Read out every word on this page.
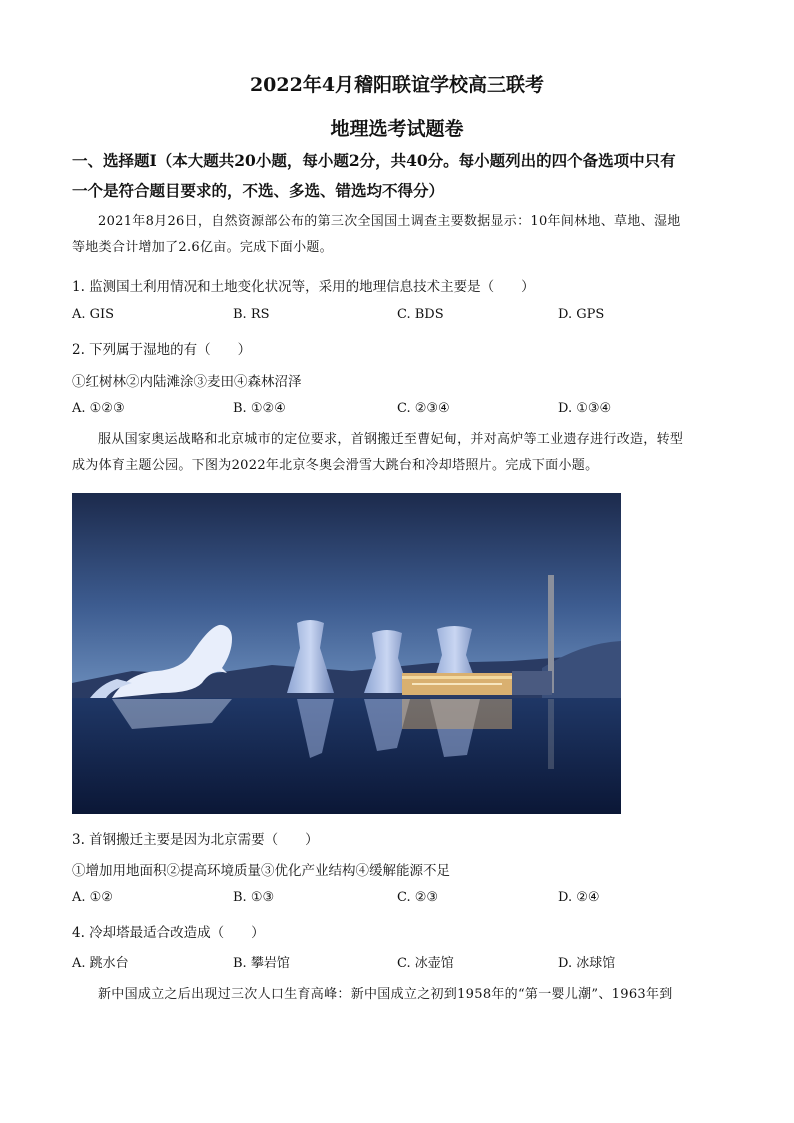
2022年4月稽阳联谊学校高三联考
地理选考试题卷
一、选择题Ⅰ（本大题共20小题，每小题2分，共40分。每小题列出的四个备选项中只有
一个是符合题目要求的，不选、多选、错选均不得分）
2021年8月26日，自然资源部公布的第三次全国国土调查主要数据显示：10年间林地、草地、湿地
等地类合计增加了2.6亿亩。完成下面小题。
1. 监测国土利用情况和土地变化状况等，采用的地理信息技术主要是（　　）
A. GIS	B. RS	C. BDS	D. GPS
2. 下列属于湿地的有（　　）
①红树林②内陆滩涂③麦田④森林沼泽
A. ①②③	B. ①②④	C. ②③④	D. ①③④
服从国家奥运战略和北京城市的定位要求，首钢搬迁至曹妃甸，并对高炉等工业遗存进行改造，转型
成为体育主题公园。下图为2022年北京冬奥会滑雪大跳台和冷却塔照片。完成下面小题。
3. 首钢搬迁主要是因为北京需要（　　）
①增加用地面积②提高环境质量③优化产业结构④缓解能源不足
A. ①②	B. ①③	C. ②③	D. ②④
4. 冷却塔最适合改造成（　　）
A. 跳水台	B. 攀岩馆	C. 冰壶馆	D. 冰球馆
新中国成立之后出现过三次人口生育高峰：新中国成立之初到1958年的“第一婴儿潮”、1963年到
